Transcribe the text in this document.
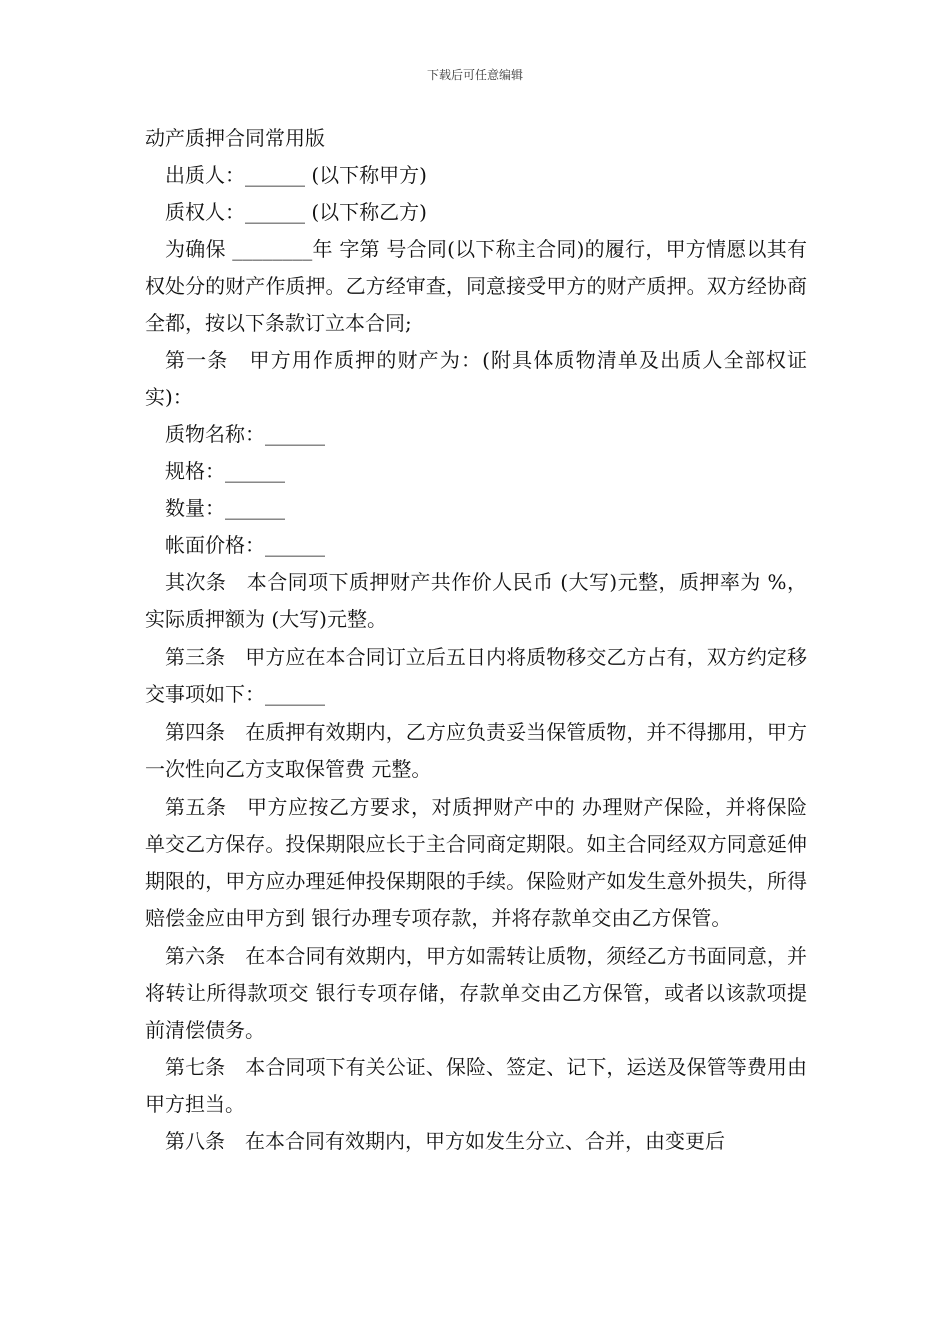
下载后可任意编辑

动产质押合同常用版

出质人：______ (以下称甲方)

质权人：______ (以下称乙方)

为确保 ________年 字第 号合同(以下称主合同)的履行，甲方情愿以其有权处分的财产作质押。乙方经审查，同意接受甲方的财产质押。双方经协商全都，按以下条款订立本合同;

第一条　甲方用作质押的财产为：(附具体质物清单及出质人全部权证实)：

质物名称：______

规格：______

数量：______

帐面价格：______

其次条　本合同项下质押财产共作价人民币 (大写)元整，质押率为 %，实际质押额为 (大写)元整。

第三条　甲方应在本合同订立后五日内将质物移交乙方占有，双方约定移交事项如下：______

第四条　在质押有效期内，乙方应负责妥当保管质物，并不得挪用，甲方一次性向乙方支取保管费 元整。

第五条　甲方应按乙方要求，对质押财产中的 办理财产保险，并将保险单交乙方保存。投保期限应长于主合同商定期限。如主合同经双方同意延伸期限的，甲方应办理延伸投保期限的手续。保险财产如发生意外损失，所得赔偿金应由甲方到 银行办理专项存款，并将存款单交由乙方保管。

第六条　在本合同有效期内，甲方如需转让质物，须经乙方书面同意，并将转让所得款项交 银行专项存储，存款单交由乙方保管，或者以该款项提前清偿债务。

第七条　本合同项下有关公证、保险、签定、记下，运送及保管等费用由甲方担当。

第八条　在本合同有效期内，甲方如发生分立、合并，由变更后
